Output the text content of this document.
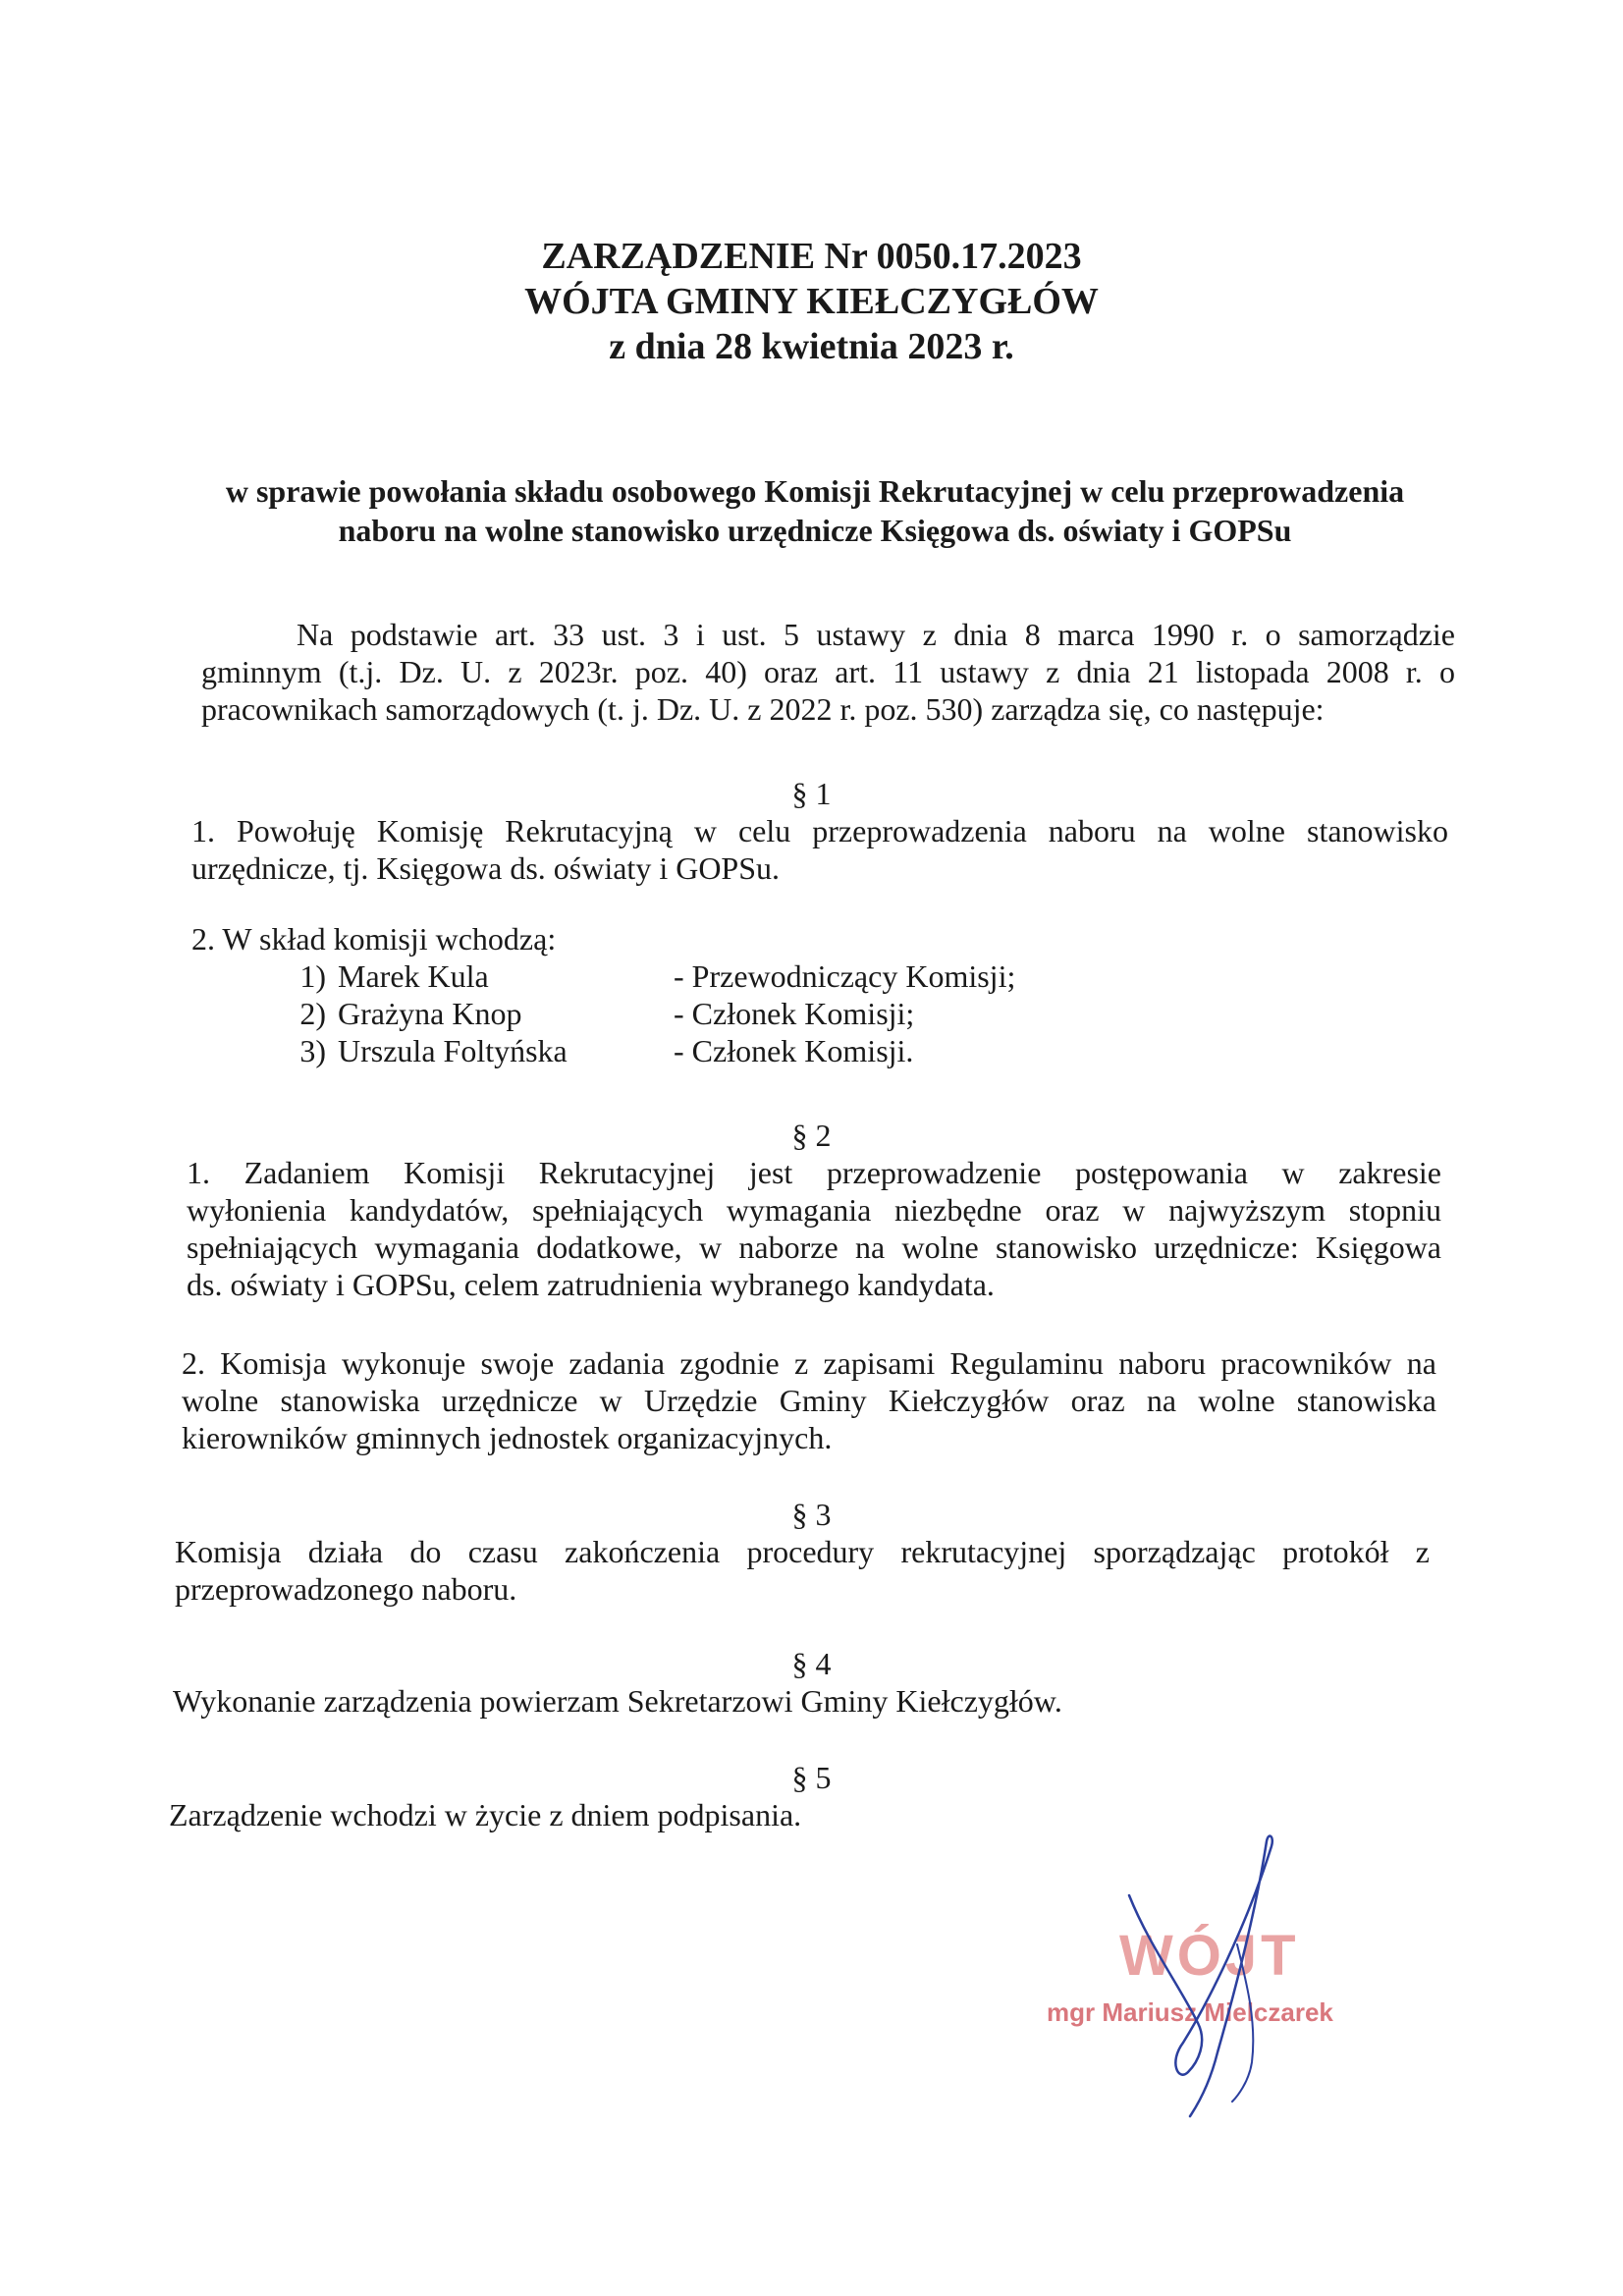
ZARZĄDZENIE Nr 0050.17.2023
WÓJTA GMINY KIEŁCZYGŁÓW
z dnia 28 kwietnia 2023 r.
w sprawie powołania składu osobowego Komisji Rekrutacyjnej w celu przeprowadzenia
naboru na wolne stanowisko urzędnicze Księgowa ds. oświaty i GOPSu
Na podstawie art. 33 ust. 3 i ust. 5 ustawy z dnia 8 marca 1990 r. o samorządzie
gminnym (t.j. Dz. U. z 2023r. poz. 40) oraz art. 11 ustawy z dnia 21 listopada 2008 r. o
pracownikach samorządowych (t. j. Dz. U. z 2022 r. poz. 530) zarządza się, co następuje:
§ 1
1. Powołuję Komisję Rekrutacyjną w celu przeprowadzenia naboru na wolne stanowisko
urzędnicze, tj. Księgowa ds. oświaty i GOPSu.
2. W skład komisji wchodzą:
1) Marek Kula	- Przewodniczący Komisji;
2) Grażyna Knop	- Członek Komisji;
3) Urszula Foltyńska	- Członek Komisji.
§ 2
1. Zadaniem Komisji Rekrutacyjnej jest przeprowadzenie postępowania w zakresie
wyłonienia kandydatów, spełniających wymagania niezbędne oraz w najwyższym stopniu
spełniających wymagania dodatkowe, w naborze na wolne stanowisko urzędnicze: Księgowa
ds. oświaty i GOPSu, celem zatrudnienia wybranego kandydata.
2. Komisja wykonuje swoje zadania zgodnie z zapisami Regulaminu naboru pracowników na
wolne stanowiska urzędnicze w Urzędzie Gminy Kiełczygłów oraz na wolne stanowiska
kierowników gminnych jednostek organizacyjnych.
§ 3
Komisja działa do czasu zakończenia procedury rekrutacyjnej sporządzając protokół z
przeprowadzonego naboru.
§ 4
Wykonanie zarządzenia powierzam Sekretarzowi Gminy Kiełczygłów.
§ 5
Zarządzenie wchodzi w życie z dniem podpisania.
WÓJT
mgr Mariusz Mielczarek
